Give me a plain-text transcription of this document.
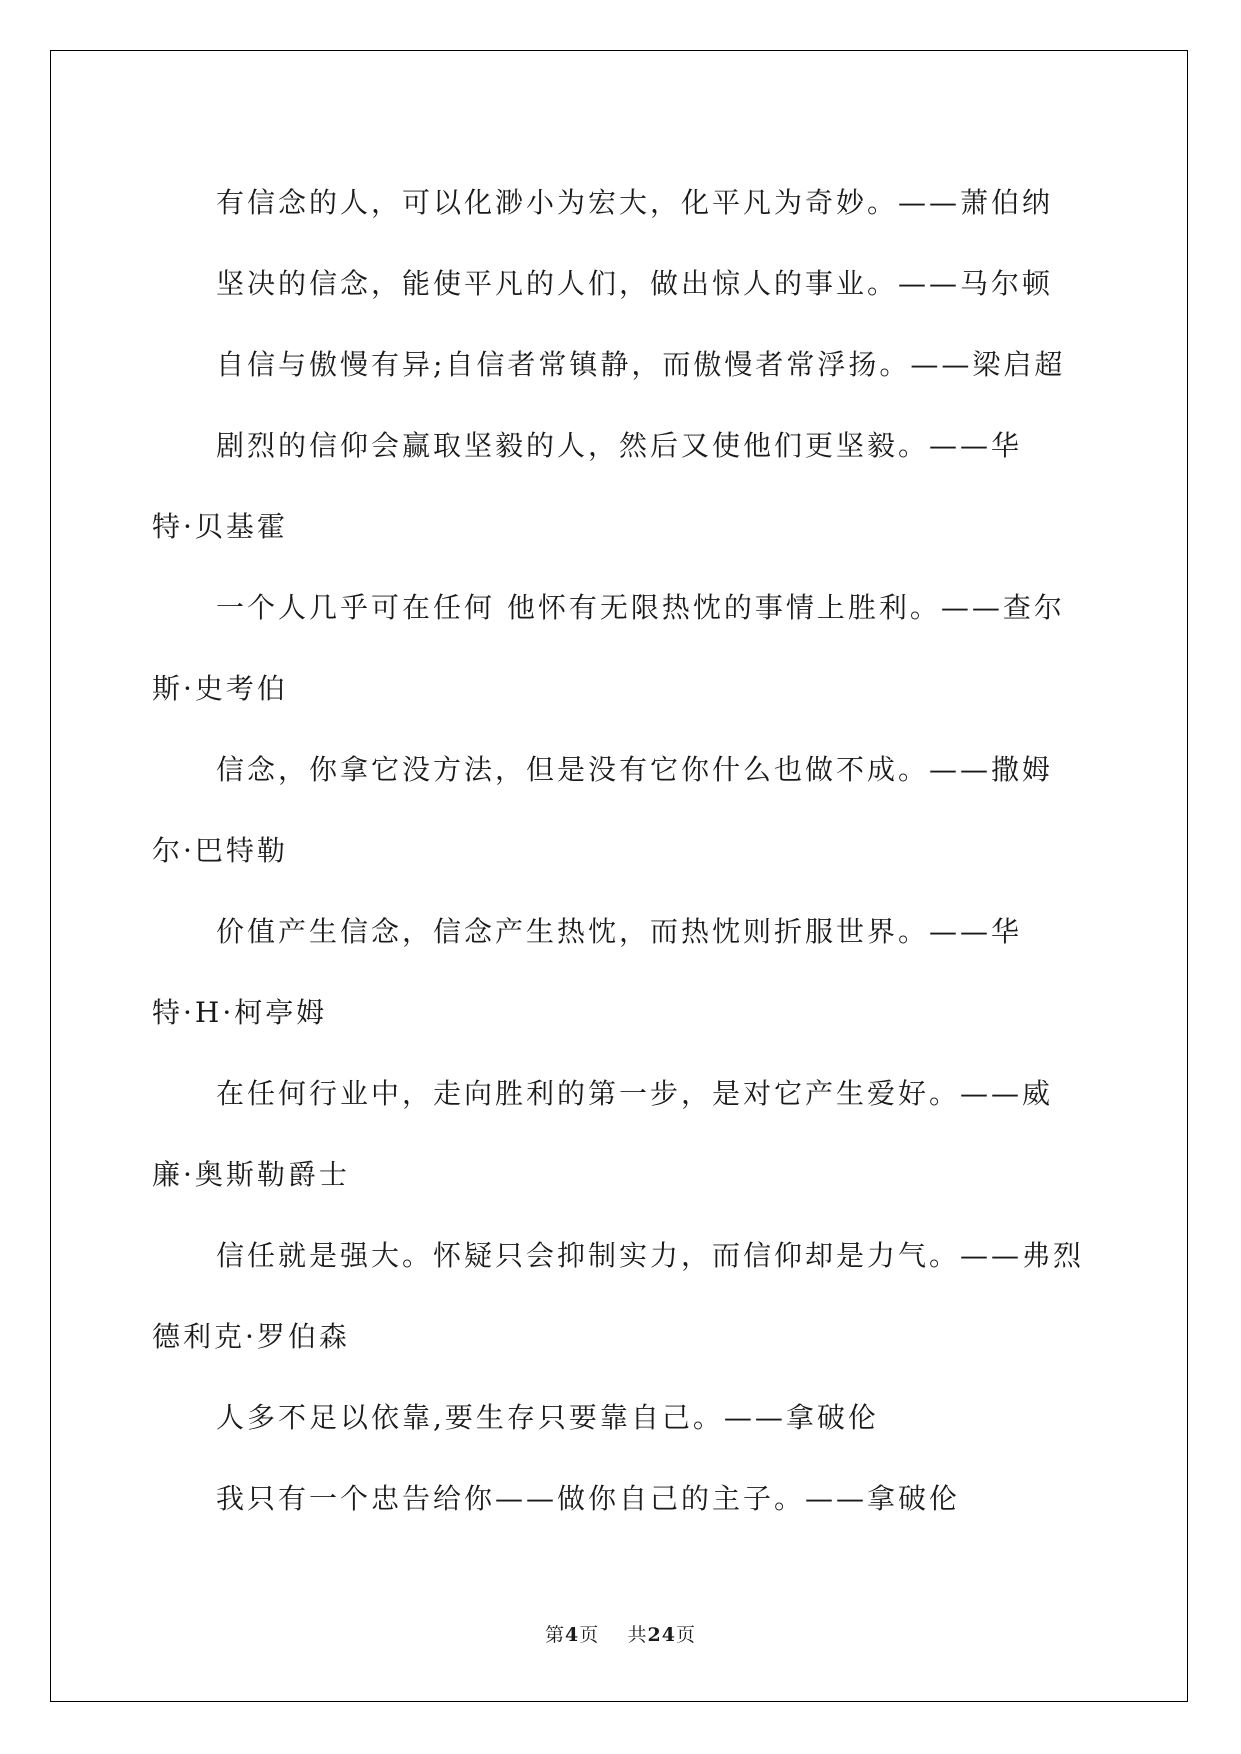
有信念的人，可以化渺小为宏大，化平凡为奇妙。——萧伯纳

坚决的信念，能使平凡的人们，做出惊人的事业。——马尔顿

自信与傲慢有异;自信者常镇静，而傲慢者常浮扬。——梁启超

剧烈的信仰会赢取坚毅的人，然后又使他们更坚毅。——华
特·贝基霍

一个人几乎可在任何 他怀有无限热忱的事情上胜利。——查尔
斯·史考伯

信念，你拿它没方法，但是没有它你什么也做不成。——撒姆
尔·巴特勒

价值产生信念，信念产生热忱，而热忱则折服世界。——华
特·H·柯亭姆

在任何行业中，走向胜利的第一步，是对它产生爱好。——威
廉·奥斯勒爵士

信任就是强大。怀疑只会抑制实力，而信仰却是力气。——弗烈
德利克·罗伯森

人多不足以依靠,要生存只要靠自己。——拿破伦

我只有一个忠告给你——做你自己的主子。——拿破伦

第4页 共24页
